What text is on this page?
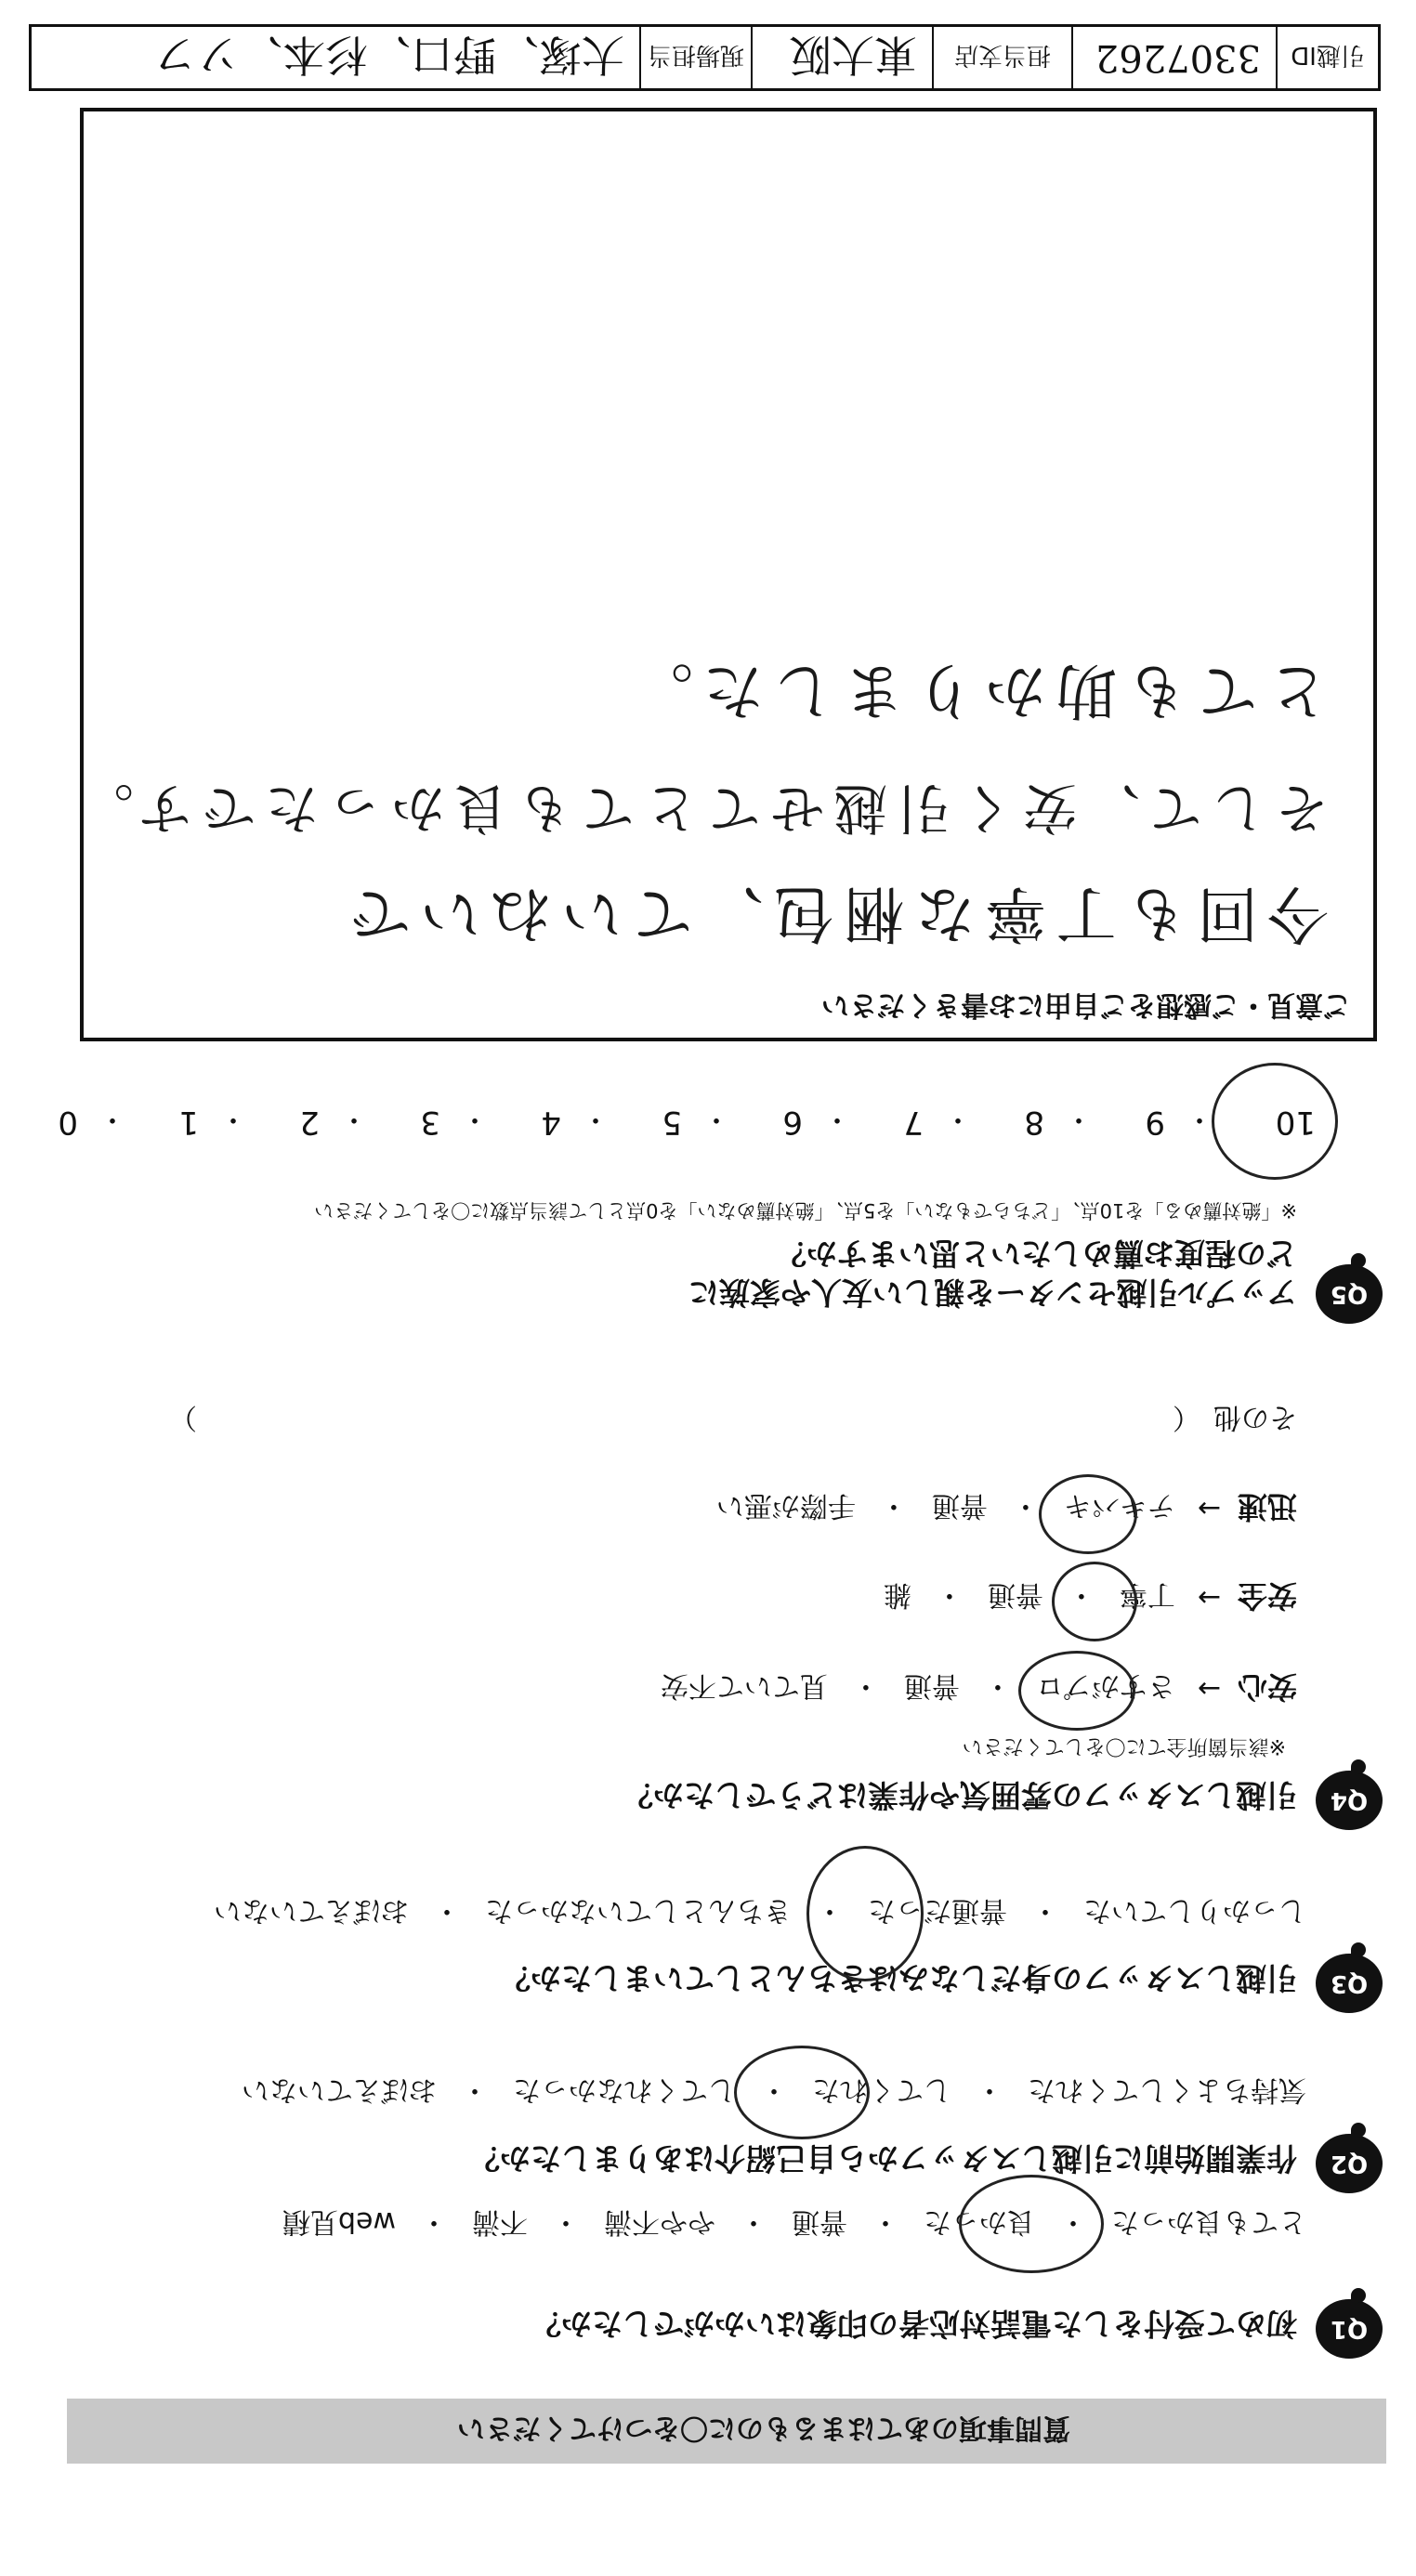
質問事項のあてはまるものに〇をつけてください
Q1
初めて受付をした電話対応者の印象はいかがでしたか？
とても良かった
・
良かった
・
普通
・
やや不満
・
不満
・
web見積
Q2
作業開始前に引越しスタッフから自己紹介はありましたか？
気持ちよくしてくれた
・
してくれた
・
してくれなかった
・
おぼえていない
Q3
引越しスタッフの身だしなみはきちんとしていましたか？
しっかりしていた
・
普通だった
・
きちんとしていなかった
・
おぼえていない
Q4
引越しスタッフの雰囲気や作業はどうでしたか？
※該当箇所全てに〇をしてください
安心
→
さすがプロ
・
普通
・
見ていて不安
安全
→
丁寧
・
普通
・
雑
迅速
→
テキパキ
・
普通
・
手際が悪い
その他
（
）
Q5
アップル引越センターを親しい友人や家族に
どの程度お薦めしたいと思いますか？
※「絶対薦める」を10点、「どちらでもない」を5点、「絶対薦めない」を0点として該当点数に〇をしてください
10
・
9
・
8
・
7
・
6
・
5
・
4
・
3
・
2
・
1
・
0
ご意見・ご感想をご自由にお書きください
今回も丁寧な梱包、ていねいで
そして、安く引越せてとても良かったです。
とても助かりました。
引越ID
3307262
担当支店
東大阪
現場担当
大塚、野口、杉本、ソフ
